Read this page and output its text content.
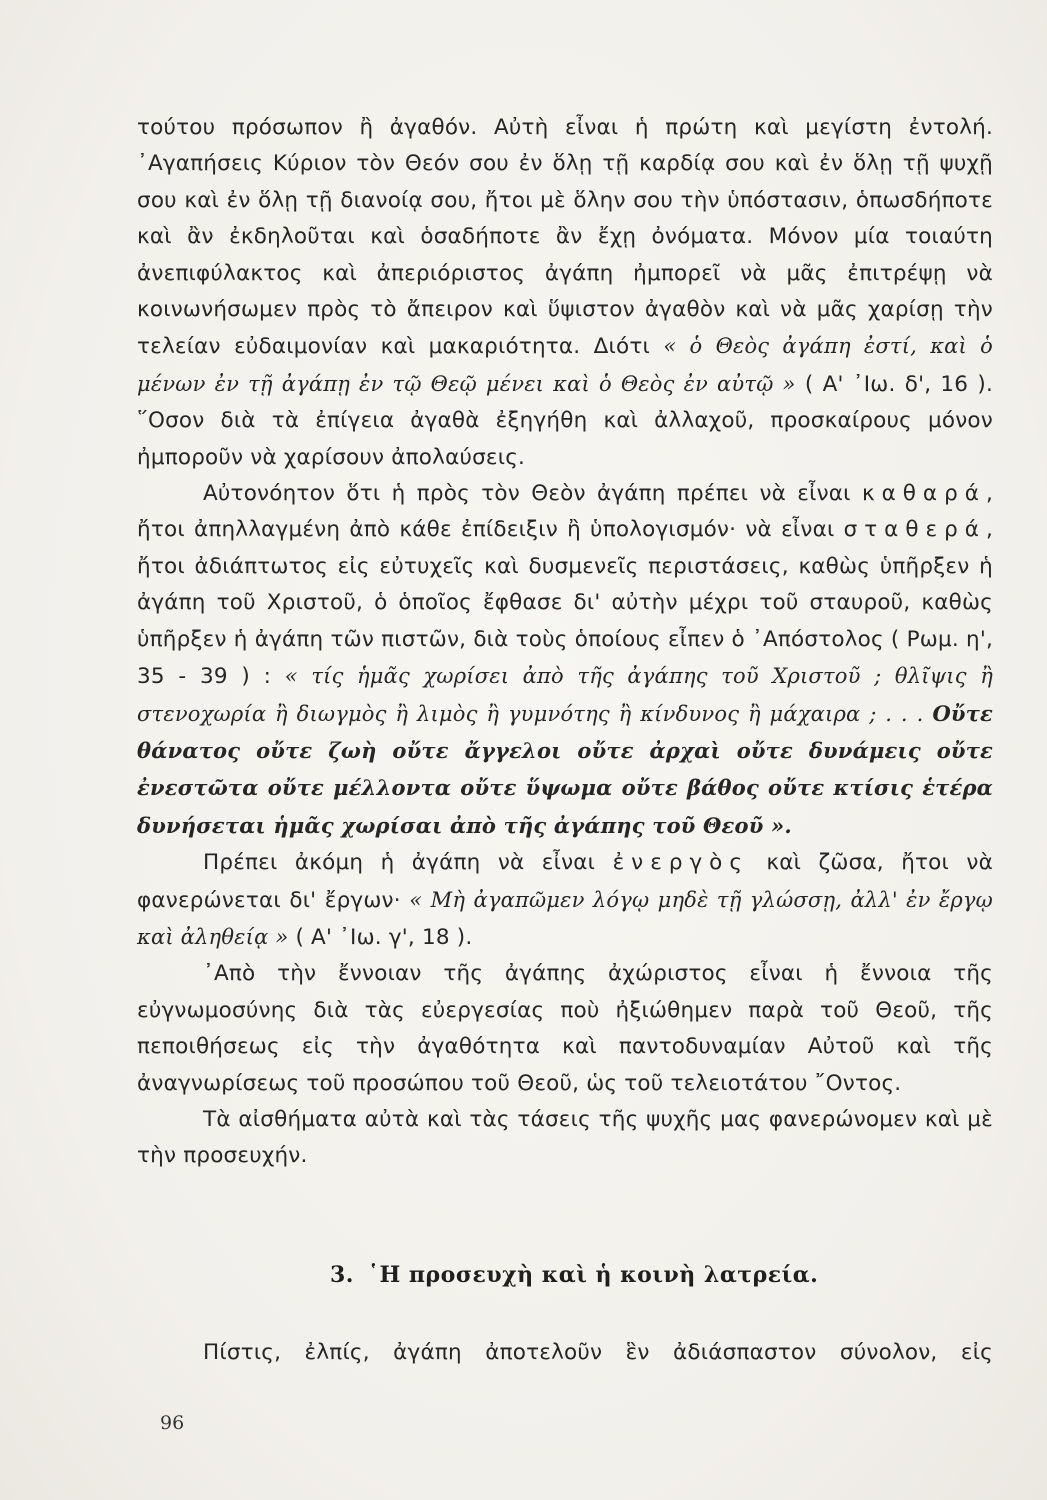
τούτου πρόσωπον ἢ ἀγαθόν. Αὐτὴ εἶναι ἡ πρώτη καὶ μεγίστη ἐντολή. ᾿Αγαπήσεις Κύριον τὸν Θεόν σου ἐν ὅλῃ τῇ καρδίᾳ σου καὶ ἐν ὅλῃ τῇ ψυχῇ σου καὶ ἐν ὅλῃ τῇ διανοίᾳ σου, ἤτοι μὲ ὅλην σου τὴν ὑπόστασιν, ὁπωσδήποτε καὶ ἂν ἐκδηλοῦται καὶ ὁσαδήποτε ἂν ἔχῃ ὀνόματα. Μόνον μία τοιαύτη ἀνεπιφύλακτος καὶ ἀπεριόριστος ἀγάπη ἠμπορεῖ νὰ μᾶς ἐπιτρέψῃ νὰ κοινωνήσωμεν πρὸς τὸ ἄπειρον καὶ ὕψιστον ἀγαθὸν καὶ νὰ μᾶς χαρίσῃ τὴν τελείαν εὐδαιμονίαν καὶ μακαριότητα. Διότι « ὁ Θεὸς ἀγάπη ἐστί, καὶ ὁ μένων ἐν τῇ ἀγάπῃ ἐν τῷ Θεῷ μένει καὶ ὁ Θεὸς ἐν αὐτῷ » ( Α' ᾿Ιω. δ', 16 ). ῞Οσον διὰ τὰ ἐπίγεια ἀγαθὰ ἐξηγήθη καὶ ἀλλαχοῦ, προσκαίρους μόνον ἠμποροῦν νὰ χαρίσουν ἀπολαύσεις.

Αὐτονόητον ὅτι ἡ πρὸς τὸν Θεὸν ἀγάπη πρέπει νὰ εἶναι καθαρά, ἤτοι ἀπηλλαγμένη ἀπὸ κάθε ἐπίδειξιν ἢ ὑπολογισμόν· νὰ εἶναι σταθερά, ἤτοι ἀδιάπτωτος εἰς εὐτυχεῖς καὶ δυσμενεῖς περιστάσεις, καθὼς ὑπῆρξεν ἡ ἀγάπη τοῦ Χριστοῦ, ὁ ὁποῖος ἔφθασε δι' αὐτὴν μέχρι τοῦ σταυροῦ, καθὼς ὑπῆρξεν ἡ ἀγάπη τῶν πιστῶν, διὰ τοὺς ὁποίους εἶπεν ὁ ᾿Απόστολος ( Ρωμ. η', 35 - 39 ) : « τίς ἡμᾶς χωρίσει ἀπὸ τῆς ἀγάπης τοῦ Χριστοῦ ; θλῖψις ἢ στενοχωρία ἢ διωγμὸς ἢ λιμὸς ἢ γυμνότης ἢ κίνδυνος ἢ μάχαιρα ; . . . Οὔτε θάνατος οὔτε ζωὴ οὔτε ἄγγελοι οὔτε ἀρχαὶ οὔτε δυνάμεις οὔτε ἐνεστῶτα οὔτε μέλλοντα οὔτε ὕψωμα οὔτε βάθος οὔτε κτίσις ἑτέρα δυνήσεται ἡμᾶς χωρίσαι ἀπὸ τῆς ἀγάπης τοῦ Θεοῦ ».

Πρέπει ἀκόμη ἡ ἀγάπη νὰ εἶναι ἐνεργὸς καὶ ζῶσα, ἤτοι νὰ φανερώνεται δι' ἔργων· « Μὴ ἀγαπῶμεν λόγῳ μηδὲ τῇ γλώσσῃ, ἀλλ' ἐν ἔργῳ καὶ ἀληθείᾳ » ( Α' ᾿Ιω. γ', 18 ).

᾿Απὸ τὴν ἔννοιαν τῆς ἀγάπης ἀχώριστος εἶναι ἡ ἔννοια τῆς εὐγνωμοσύνης διὰ τὰς εὐεργεσίας ποὺ ἠξιώθημεν παρὰ τοῦ Θεοῦ, τῆς πεποιθήσεως εἰς τὴν ἀγαθότητα καὶ παντοδυναμίαν Αὐτοῦ καὶ τῆς ἀναγνωρίσεως τοῦ προσώπου τοῦ Θεοῦ, ὡς τοῦ τελειοτάτου ῎Οντος.

Τὰ αἰσθήματα αὐτὰ καὶ τὰς τάσεις τῆς ψυχῆς μας φανερώνομεν καὶ μὲ τὴν προσευχήν.

3. ῾Η προσευχὴ καὶ ἡ κοινὴ λατρεία.
Πίστις, ἐλπίς, ἀγάπη ἀποτελοῦν ἓν ἀδιάσπαστον σύνολον, εἰς
96
